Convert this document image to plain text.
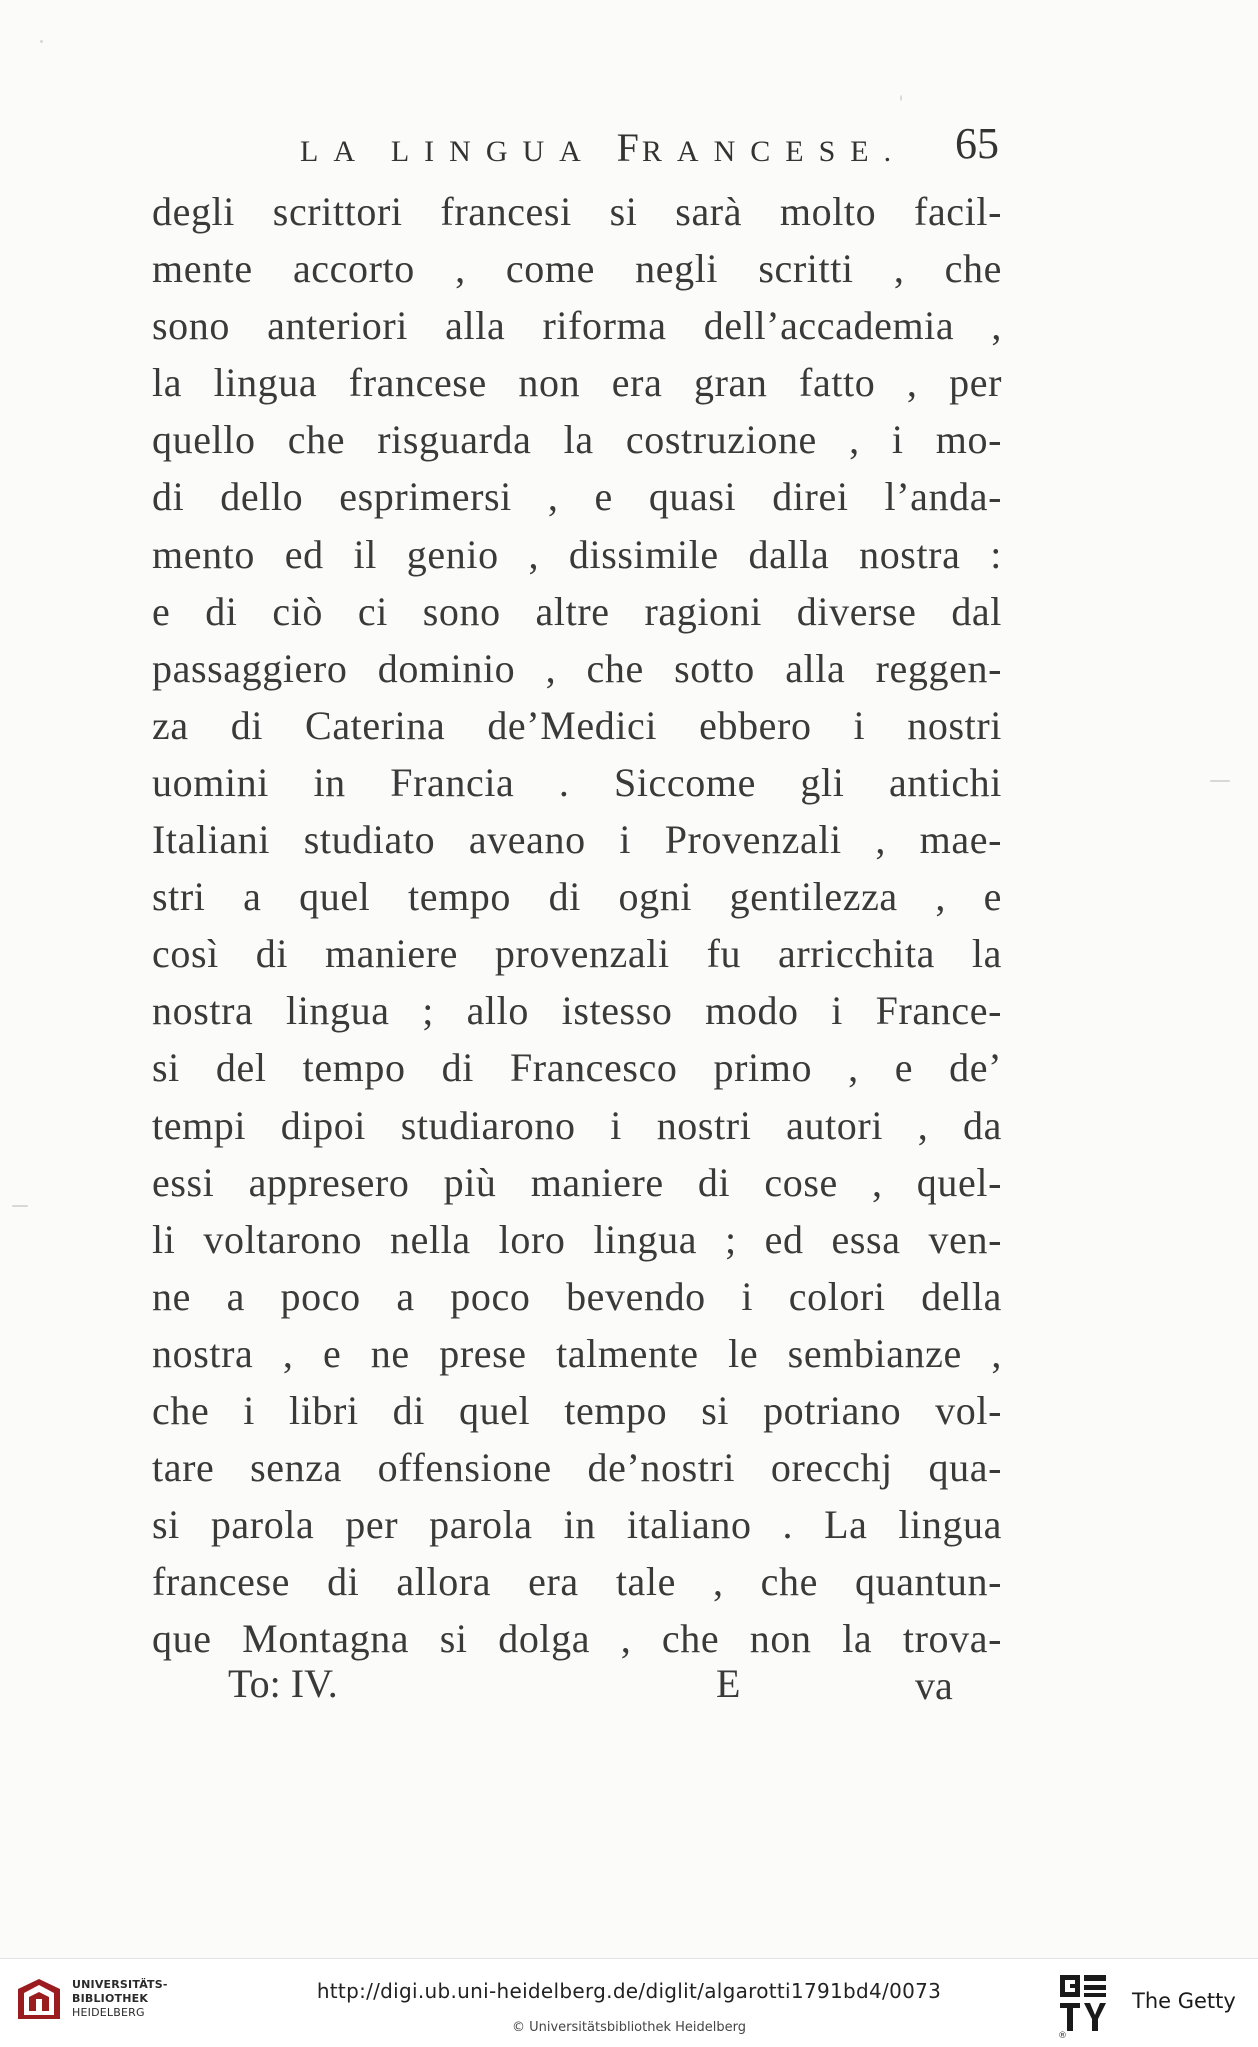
LA LINGUA FRANCESE. 65
degli scrittori francesi si sarà molto facil-
mente accorto , come negli scritti , che
sono anteriori alla riforma dell’accademia ,
la lingua francese non era gran fatto , per
quello che risguarda la costruzione , i mo-
di dello esprimersi , e quasi direi l’anda-
mento ed il genio , dissimile dalla nostra :
e di ciò ci sono altre ragioni diverse dal
passaggiero dominio , che sotto alla reggen-
za di Caterina de’Medici ebbero i nostri
uomini in Francia . Siccome gli antichi
Italiani studiato aveano i Provenzali , mae-
stri a quel tempo di ogni gentilezza , e
così di maniere provenzali fu arricchita la
nostra lingua ; allo istesso modo i France-
si del tempo di Francesco primo , e de’
tempi dipoi studiarono i nostri autori , da
essi appresero più maniere di cose , quel-
li voltarono nella loro lingua ; ed essa ven-
ne a poco a poco bevendo i colori della
nostra , e ne prese talmente le sembianze ,
che i libri di quel tempo si potriano vol-
tare senza offensione de’nostri orecchj qua-
si parola per parola in italiano . La lingua
francese di allora era tale , che quantun-
que Montagna si dolga , che non la trova-
To: IV.	E	va
UNIVERSITÄTS-
BIBLIOTHEK
HEIDELBERG
http://digi.ub.uni-heidelberg.de/diglit/algarotti1791bd4/0073
© Universitätsbibliothek Heidelberg
®
The Getty
